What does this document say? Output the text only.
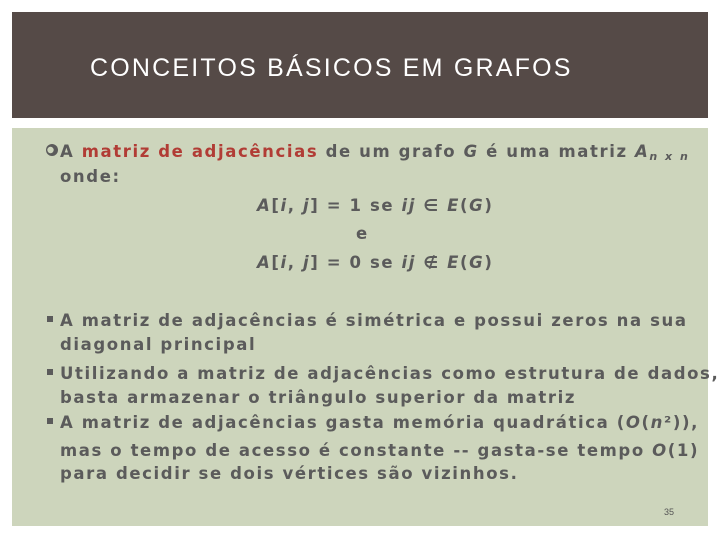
CONCEITOS BÁSICOS EM GRAFOS
A matriz de adjacências de um grafo G é uma matriz An x n
onde:
A[i, j] = 1 se ij ∈ E(G)
e
A[i, j] = 0 se ij ∉ E(G)
A matriz de adjacências é simétrica e possui zeros na sua
diagonal principal
Utilizando a matriz de adjacências como estrutura de dados,
basta armazenar o triângulo superior da matriz
A matriz de adjacências gasta memória quadrática (O(n²)),
mas o tempo de acesso é constante -- gasta-se tempo O(1)
para decidir se dois vértices são vizinhos.
35
